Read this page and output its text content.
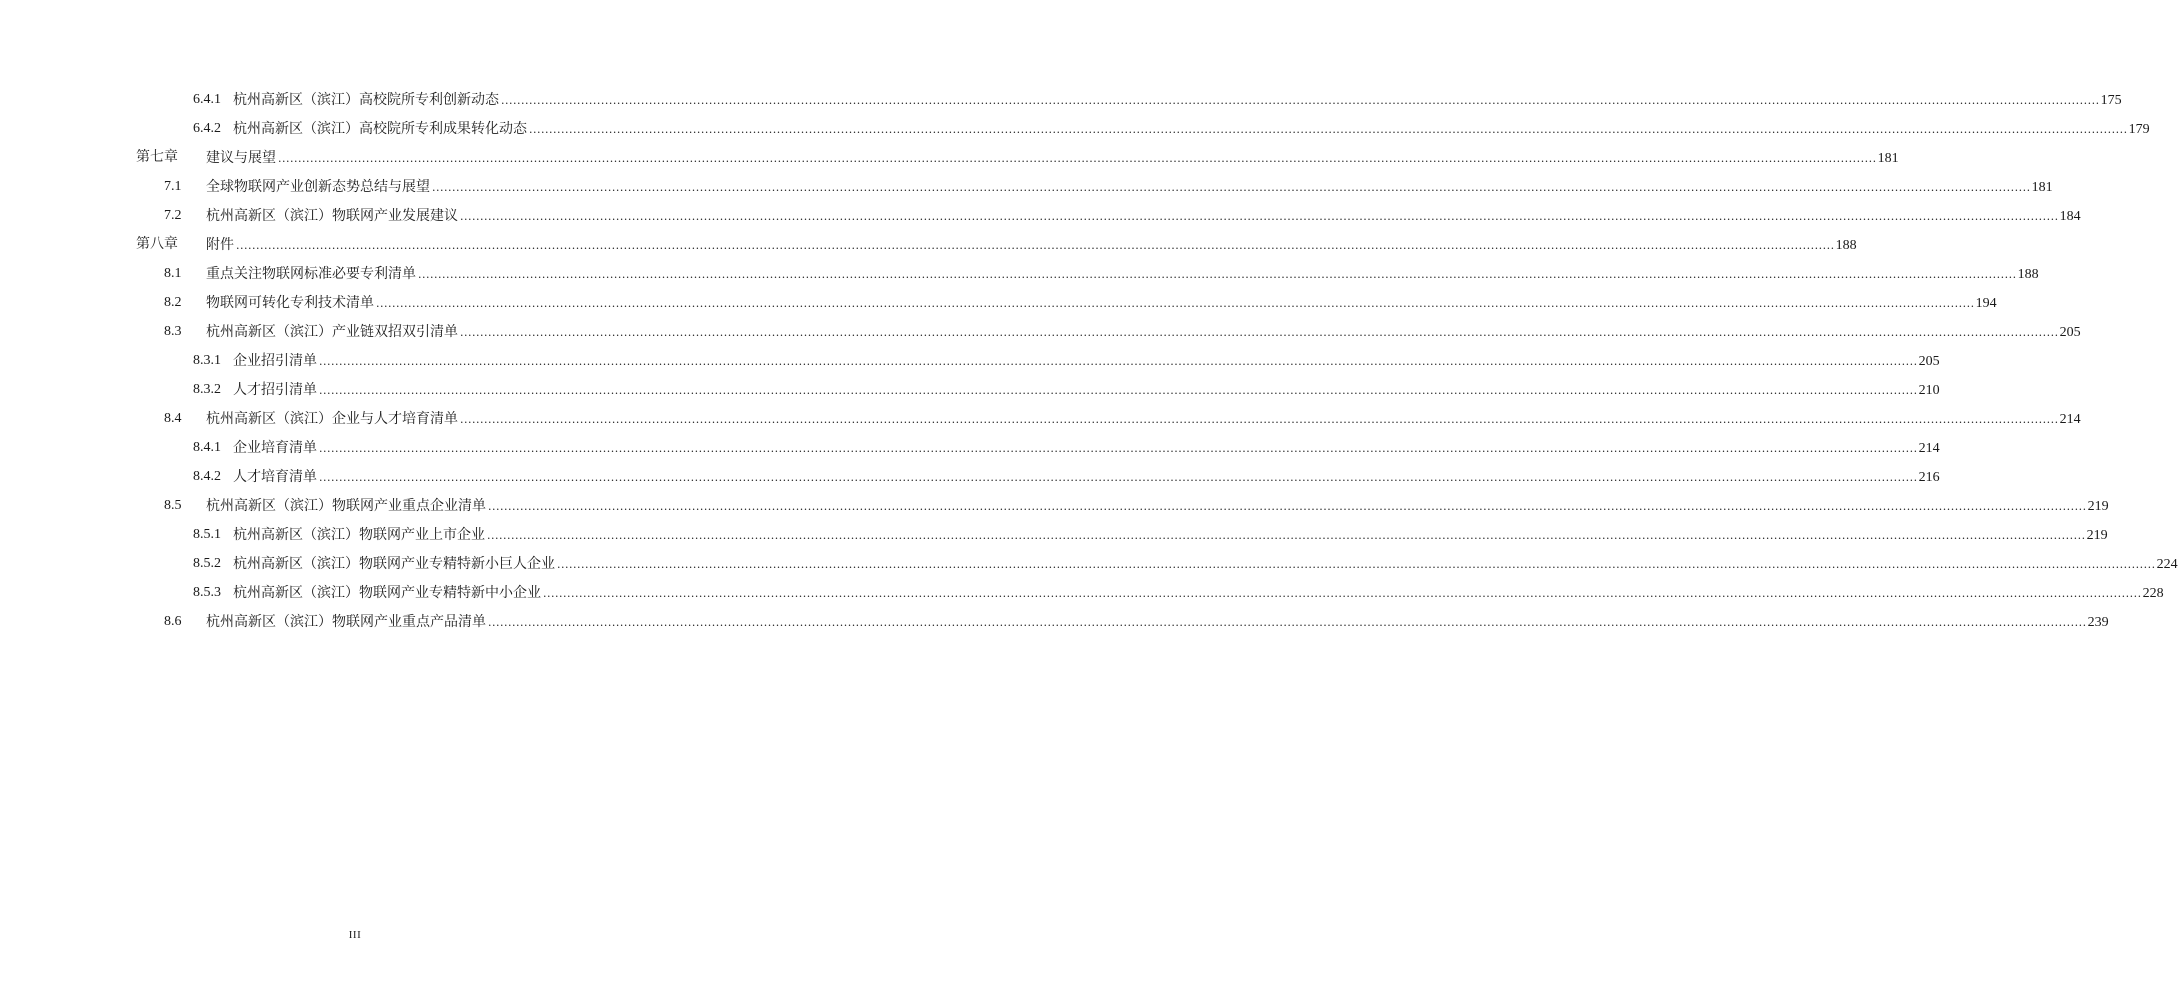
6.4.1 杭州高新区（滨江）高校院所专利创新动态 ................................................................................................................................................................................................................................................................................................................................................................................................................ 175
6.4.2 杭州高新区（滨江）高校院所专利成果转化动态 ................................................................................................................................................................................................................................................................................................................................................................................................................ 179
第七章 建议与展望 ................................................................................................................................................................................................................................................................................................................................................................................................................ 181
7.1 全球物联网产业创新态势总结与展望 ................................................................................................................................................................................................................................................................................................................................................................................................................ 181
7.2 杭州高新区（滨江）物联网产业发展建议 ................................................................................................................................................................................................................................................................................................................................................................................................................ 184
第八章 附件 ................................................................................................................................................................................................................................................................................................................................................................................................................ 188
8.1 重点关注物联网标准必要专利清单 ................................................................................................................................................................................................................................................................................................................................................................................................................ 188
8.2 物联网可转化专利技术清单 ................................................................................................................................................................................................................................................................................................................................................................................................................ 194
8.3 杭州高新区（滨江）产业链双招双引清单 ................................................................................................................................................................................................................................................................................................................................................................................................................ 205
8.3.1 企业招引清单 ................................................................................................................................................................................................................................................................................................................................................................................................................ 205
8.3.2 人才招引清单 ................................................................................................................................................................................................................................................................................................................................................................................................................ 210
8.4 杭州高新区（滨江）企业与人才培育清单 ................................................................................................................................................................................................................................................................................................................................................................................................................ 214
8.4.1 企业培育清单 ................................................................................................................................................................................................................................................................................................................................................................................................................ 214
8.4.2 人才培育清单 ................................................................................................................................................................................................................................................................................................................................................................................................................ 216
8.5 杭州高新区（滨江）物联网产业重点企业清单 ................................................................................................................................................................................................................................................................................................................................................................................................................ 219
8.5.1 杭州高新区（滨江）物联网产业上市企业 ................................................................................................................................................................................................................................................................................................................................................................................................................ 219
8.5.2 杭州高新区（滨江）物联网产业专精特新小巨人企业 ................................................................................................................................................................................................................................................................................................................................................................................................................ 224
8.5.3 杭州高新区（滨江）物联网产业专精特新中小企业 ................................................................................................................................................................................................................................................................................................................................................................................................................ 228
8.6 杭州高新区（滨江）物联网产业重点产品清单 ................................................................................................................................................................................................................................................................................................................................................................................................................ 239
III
